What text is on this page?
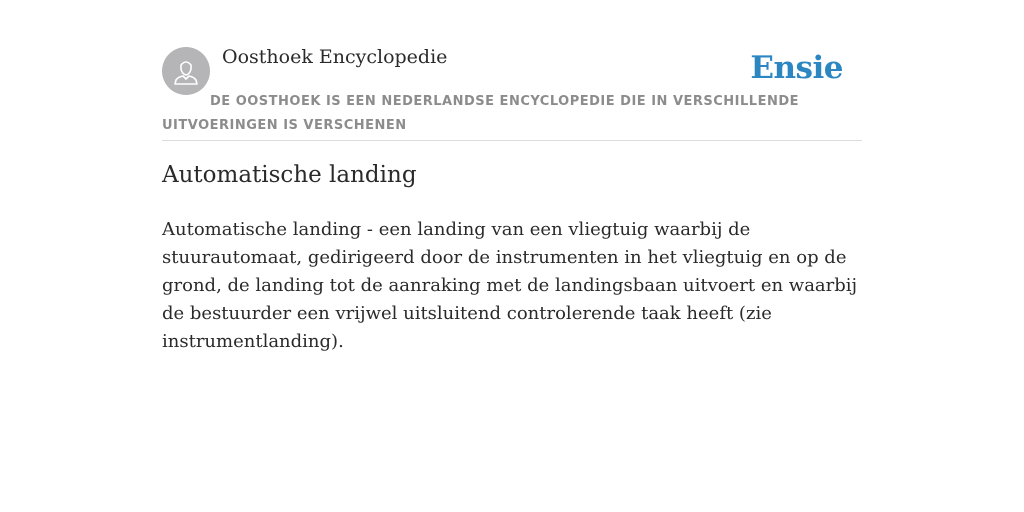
Oosthoek Encyclopedie	Ensie
DE OOSTHOEK IS EEN NEDERLANDSE ENCYCLOPEDIE DIE IN VERSCHILLENDE UITVOERINGEN IS VERSCHENEN
Automatische landing

Automatische landing - een landing van een vliegtuig waarbij de stuurautomaat, gedirigeerd door de instrumenten in het vliegtuig en op de grond, de landing tot de aanraking met de landingsbaan uitvoert en waarbij de bestuurder een vrijwel uitsluitend controlerende taak heeft (zie instrumentlanding).
